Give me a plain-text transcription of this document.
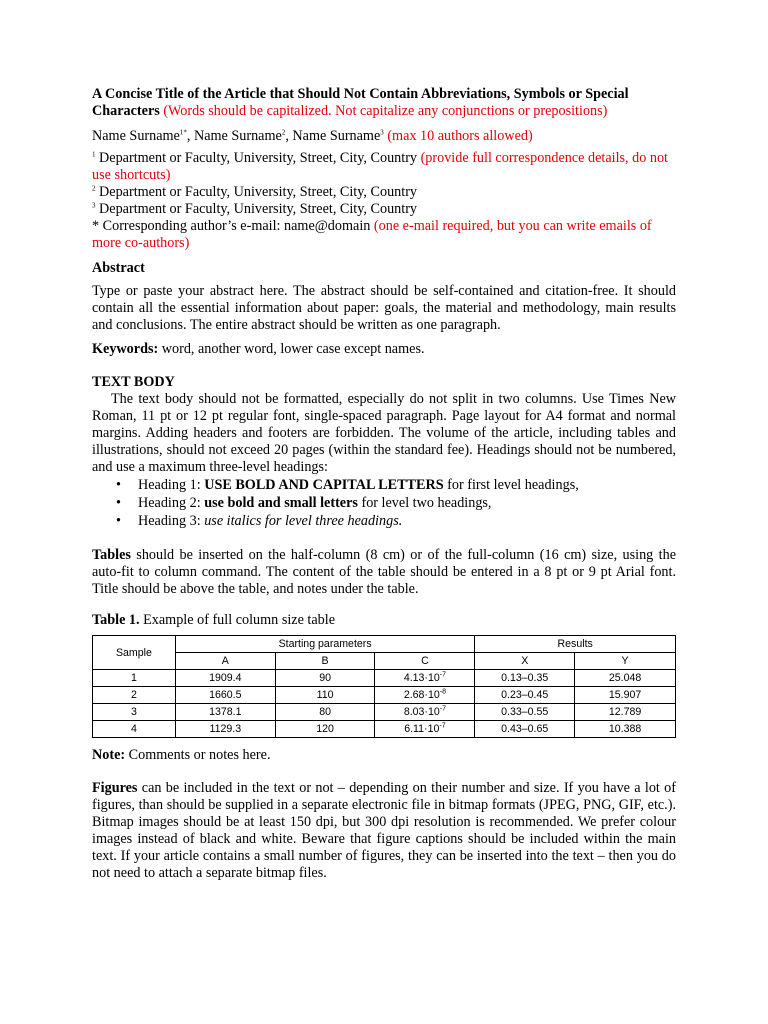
A Concise Title of the Article that Should Not Contain Abbreviations, Symbols or Special Characters (Words should be capitalized. Not capitalize any conjunctions or prepositions)

Name Surname$^{1*}$, Name Surname$^2$, Name Surname$^3$ (max 10 authors allowed)

$^1$ Department or Faculty, University, Street, City, Country (provide full correspondence details, do not use shortcuts)

$^2$ Department or Faculty, University, Street, City, Country

$^3$ Department or Faculty, University, Street, City, Country

* Corresponding author’s e-mail: name@domain (one e-mail required, but you can write emails of more co-authors)

Abstract

Type or paste your abstract here. The abstract should be self-contained and citation-free. It should contain all the essential information about paper: goals, the material and methodology, main results and conclusions. The entire abstract should be written as one paragraph.

Keywords: word, another word, lower case except names.

TEXT BODY

The text body should not be formatted, especially do not split in two columns. Use Times New Roman, 11 pt or 12 pt regular font, single-spaced paragraph. Page layout for A4 format and normal margins. Adding headers and footers are forbidden. The volume of the article, including tables and illustrations, should not exceed 20 pages (within the standard fee). Headings should not be numbered, and use a maximum three-level headings:

• Heading 1: USE BOLD AND CAPITAL LETTERS for first level headings,
• Heading 2: use bold and small letters for level two headings,
• Heading 3: use italics for level three headings.

Tables should be inserted on the half-column (8 cm) or of the full-column (16 cm) size, using the auto-fit to column command. The content of the table should be entered in a 8 pt or 9 pt Arial font. Title should be above the table, and notes under the table.

Table 1. Example of full column size table

Sample	Starting parameters			Results	
	A	B	C	X	Y
1	1909.4	90	$4.13\cdot 10^{-7}$	0.13–0.35	25.048
2	1660.5	110	$2.68\cdot 10^{-8}$	0.23–0.45	15.907
3	1378.1	80	$8.03\cdot 10^{-7}$	0.33–0.55	12.789
4	1129.3	120	$6.11\cdot 10^{-7}$	0.43–0.65	10.388

Note: Comments or notes here.

Figures can be included in the text or not – depending on their number and size. If you have a lot of figures, than should be supplied in a separate electronic file in bitmap formats (JPEG, PNG, GIF, etc.). Bitmap images should be at least 150 dpi, but 300 dpi resolution is recommended. We prefer colour images instead of black and white. Beware that figure captions should be included within the main text. If your article contains a small number of figures, they can be inserted into the text – then you do not need to attach a separate bitmap files.
